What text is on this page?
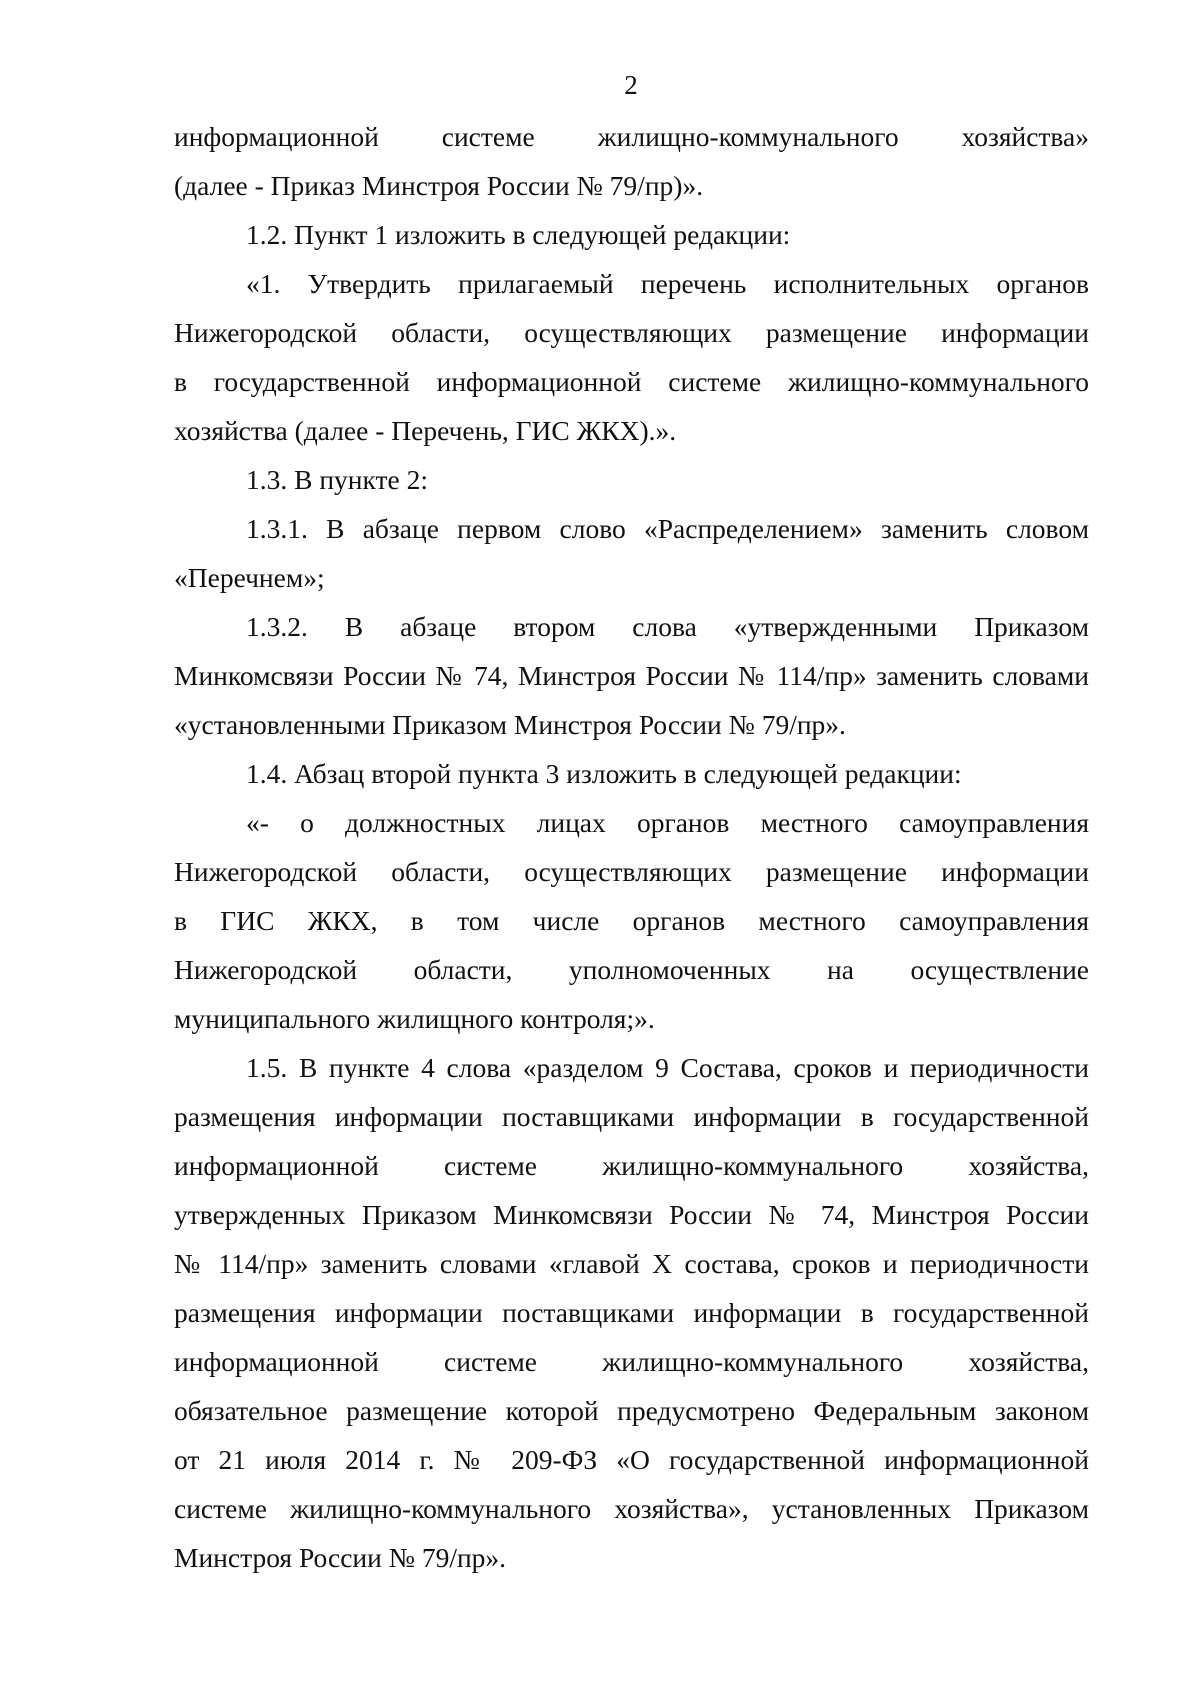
2
информационной системе жилищно-коммунального хозяйства»
(далее - Приказ Минстроя России № 79/пр)».
1.2. Пункт 1 изложить в следующей редакции:
«1. Утвердить прилагаемый перечень исполнительных органов
Нижегородской области, осуществляющих размещение информации
в государственной информационной системе жилищно-коммунального
хозяйства (далее - Перечень, ГИС ЖКХ).».
1.3. В пункте 2:
1.3.1. В абзаце первом слово «Распределением» заменить словом
«Перечнем»;
1.3.2. В абзаце втором слова «утвержденными Приказом
Минкомсвязи России № 74, Минстроя России № 114/пр» заменить словами
«установленными Приказом Минстроя России № 79/пр».
1.4. Абзац второй пункта 3 изложить в следующей редакции:
«- о должностных лицах органов местного самоуправления
Нижегородской области, осуществляющих размещение информации
в ГИС ЖКХ, в том числе органов местного самоуправления
Нижегородской области, уполномоченных на осуществление
муниципального жилищного контроля;».
1.5. В пункте 4 слова «разделом 9 Состава, сроков и периодичности
размещения информации поставщиками информации в государственной
информационной системе жилищно-коммунального хозяйства,
утвержденных Приказом Минкомсвязи России № 74, Минстроя России
№ 114/пр» заменить словами «главой X состава, сроков и периодичности
размещения информации поставщиками информации в государственной
информационной системе жилищно-коммунального хозяйства,
обязательное размещение которой предусмотрено Федеральным законом
от 21 июля 2014 г. № 209-ФЗ «О государственной информационной
системе жилищно-коммунального хозяйства», установленных Приказом
Минстроя России № 79/пр».
